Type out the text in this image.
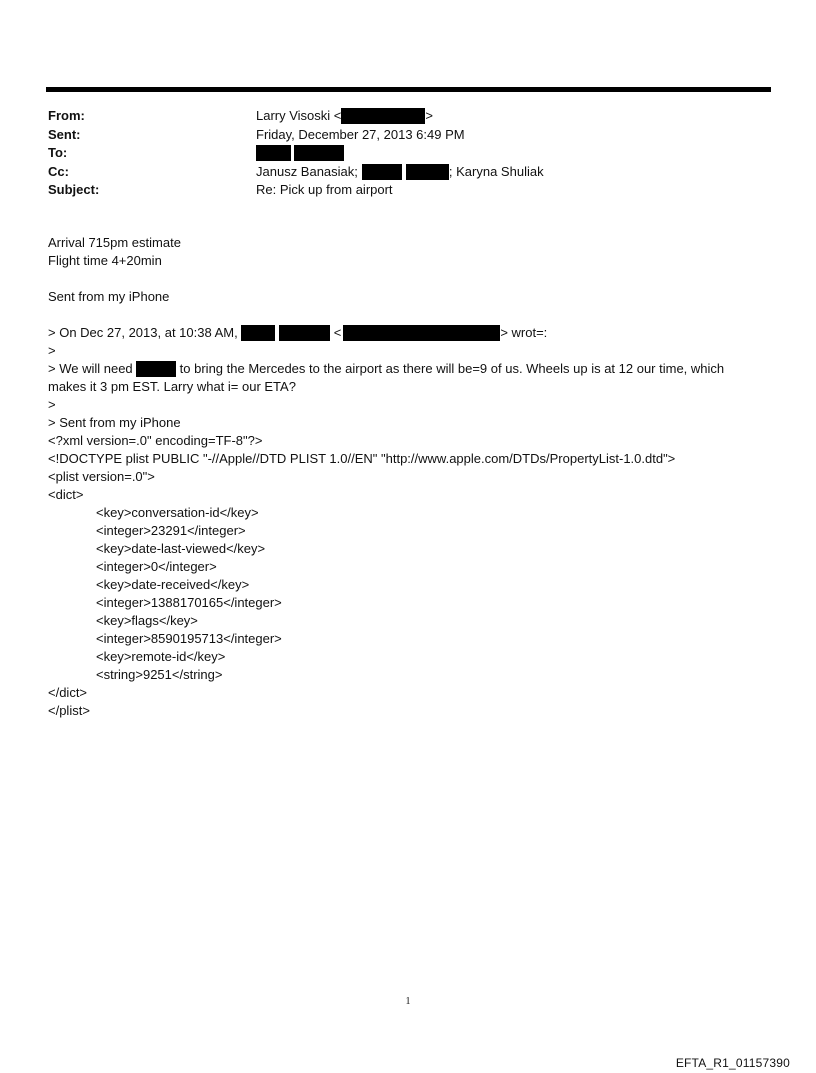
From:	Larry Visoski <	>
Sent:	Friday, December 27, 2013 6:49 PM
To:
Cc:	Janusz Banasiak;	; Karyna Shuliak
Subject:	Re: Pick up from airport
Arrival 715pm estimate
Flight time 4+20min
Sent from my iPhone
> On Dec 27, 2013, at 10:38 AM,	<	> wrot=:
>
> We will need	to bring the Mercedes to the airport as there will be=9 of us. Wheels up is at 12 our time, which
makes it 3 pm EST. Larry what i= our ETA?
>
> Sent from my iPhone
<?xml version=.0" encoding=TF-8"?>
<!DOCTYPE plist PUBLIC "-//Apple//DTD PLIST 1.0//EN" "http://www.apple.com/DTDs/PropertyList-1.0.dtd">
<plist version=.0">
<dict>
<key>conversation-id</key>
<integer>23291</integer>
<key>date-last-viewed</key>
<integer>0</integer>
<key>date-received</key>
<integer>1388170165</integer>
<key>flags</key>
<integer>8590195713</integer>
<key>remote-id</key>
<string>9251</string>
</dict>
</plist>
1
EFTA_R1_01157390
